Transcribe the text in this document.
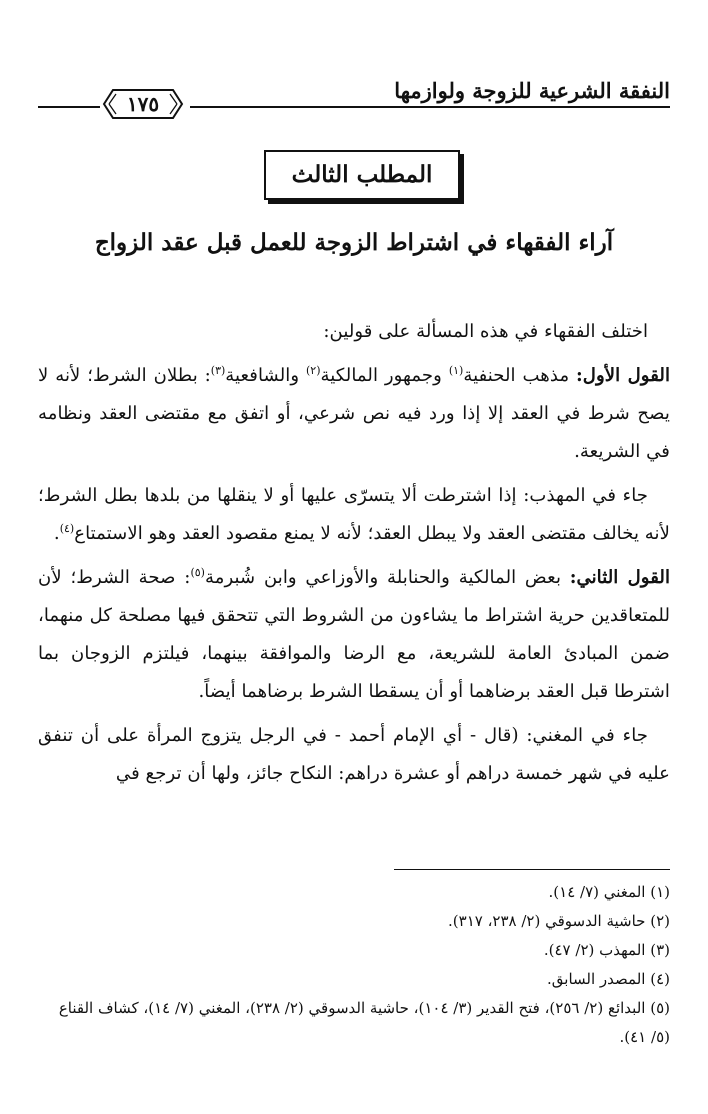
النفقة الشرعية للزوجة ولوازمها
١٧٥
المطلب الثالث
آراء الفقهاء في اشتراط الزوجة للعمل قبل عقد الزواج

اختلف الفقهاء في هذه المسألة على قولين:

القول الأول: مذهب الحنفية$^{(١)}$ وجمهور المالكية$^{(٢)}$ والشافعية$^{(٣)}$: بطلان الشرط؛ لأنه لا يصح شرط في العقد إلا إذا ورد فيه نص شرعي، أو اتفق مع مقتضى العقد ونظامه في الشريعة.

جاء في المهذب: إذا اشترطت ألا يتسرّى عليها أو لا ينقلها من بلدها بطل الشرط؛ لأنه يخالف مقتضى العقد ولا يبطل العقد؛ لأنه لا يمنع مقصود العقد وهو الاستمتاع$^{(٤)}$.

القول الثاني: بعض المالكية والحنابلة والأوزاعي وابن شُبرمة$^{(٥)}$: صحة الشرط؛ لأن للمتعاقدين حرية اشتراط ما يشاءون من الشروط التي تتحقق فيها مصلحة كل منهما، ضمن المبادئ العامة للشريعة، مع الرضا والموافقة بينهما، فيلتزم الزوجان بما اشترطا قبل العقد برضاهما أو أن يسقطا الشرط برضاهما أيضاً.

جاء في المغني: (قال - أي الإمام أحمد - في الرجل يتزوج المرأة على أن تنفق عليه في شهر خمسة دراهم أو عشرة دراهم: النكاح جائز، ولها أن ترجع في

(١) المغني (٧/ ١٤).
(٢) حاشية الدسوقي (٢/ ٢٣٨، ٣١٧).
(٣) المهذب (٢/ ٤٧).
(٤) المصدر السابق.
(٥) البدائع (٢/ ٢٥٦)، فتح القدير (٣/ ١٠٤)، حاشية الدسوقي (٢/ ٢٣٨)، المغني (٧/ ١٤)، كشاف القناع (٥/ ٤١).
